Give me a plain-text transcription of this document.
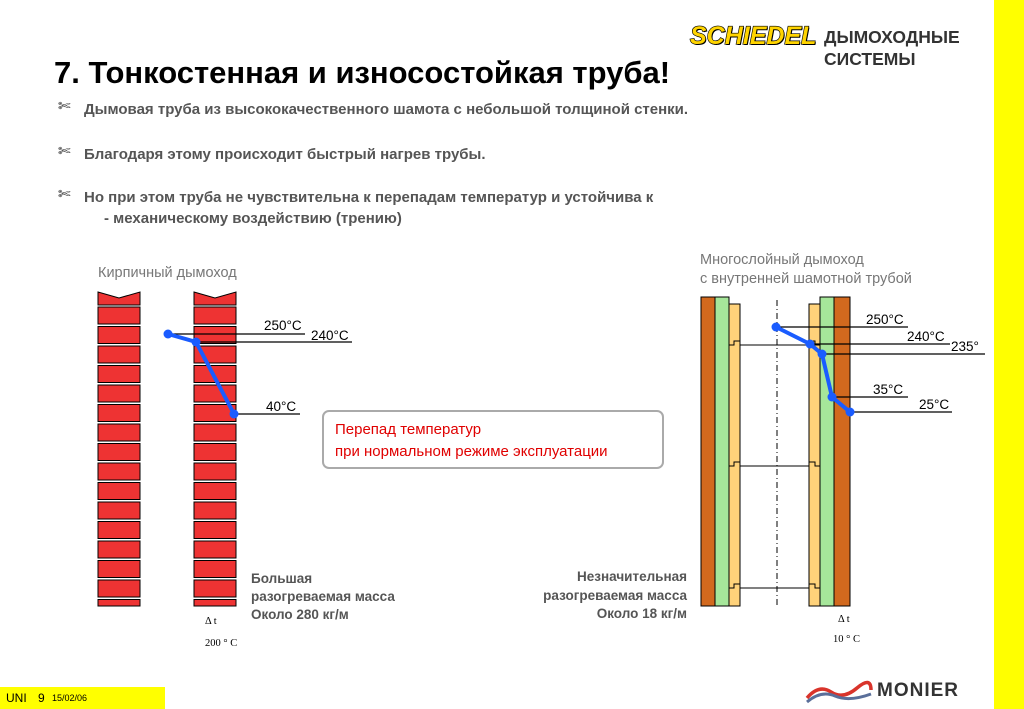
SCHIEDEL ДЫМОХОДНЫЕ
СИСТЕМЫ
7. Тонкостенная и износостойкая труба!
✄ Дымовая труба из высококачественного шамота с небольшой толщиной стенки.
✄ Благодаря этому происходит быстрый нагрев трубы.
✄ Но при этом труба не чувствительна к перепадам температур и устойчива к
- механическому воздействию (трению)
Кирпичный дымоход
250°C
240°C
40°C
Большая
разогреваемая масса
Около 280 кг/м
Δ t
200 ° C
Перепад температур
при нормальном режиме эксплуатации
Многослойный дымоход
с внутренней шамотной трубой
250°C
240°C
235°
35°C
25°C
Незначительная
разогреваемая масса
Около 18 кг/м	Δ t
10 ° C
UNI 9 15/02/06	MONIER
